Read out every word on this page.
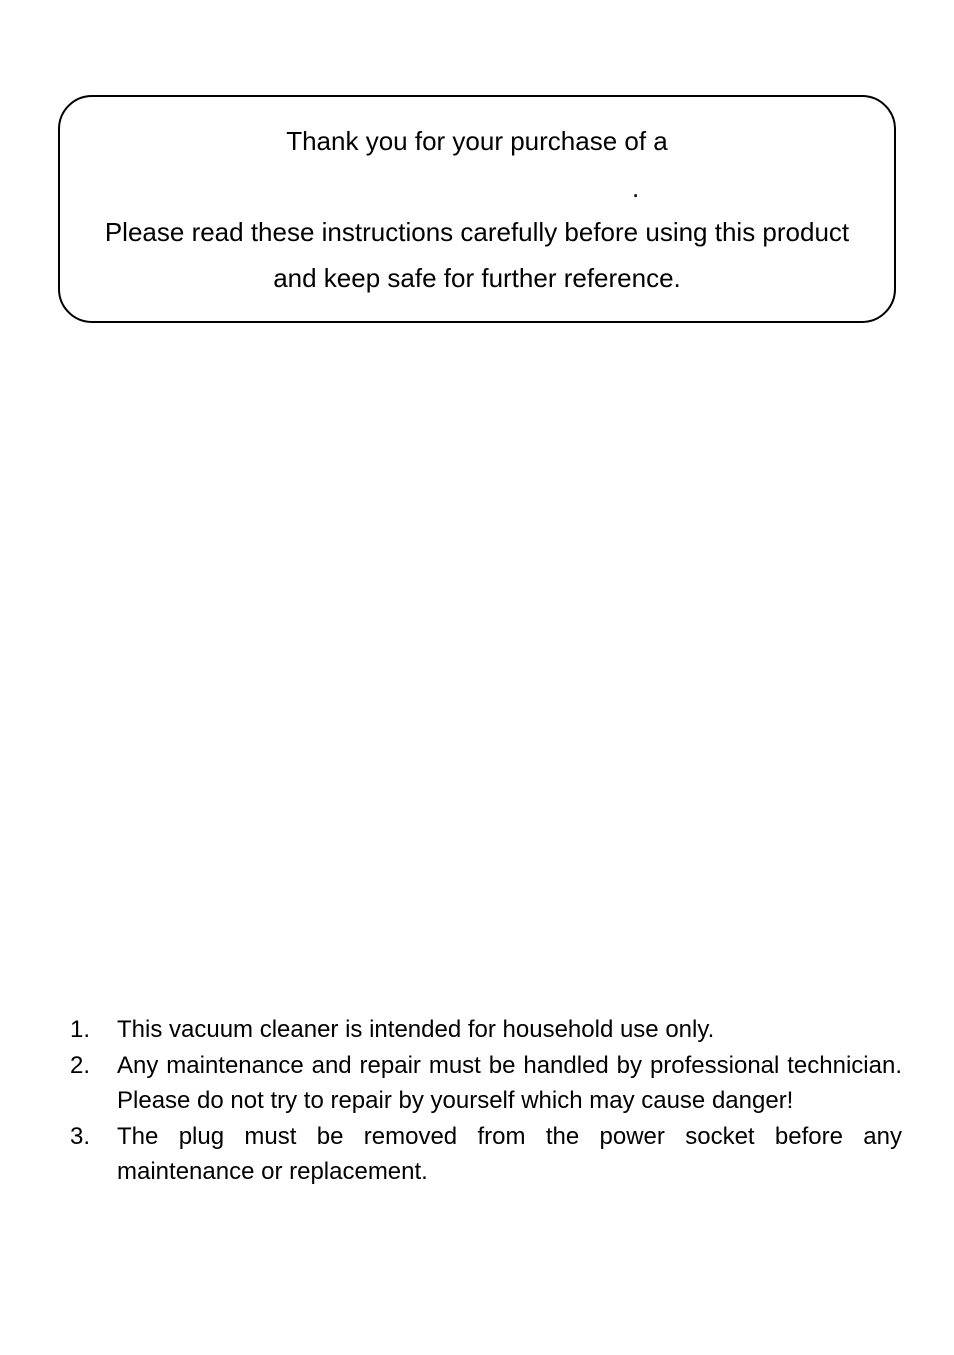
Thank you for your purchase of a
.
Please read these instructions carefully before using this product
and keep safe for further reference.
1. This vacuum cleaner is intended for household use only.
2. Any maintenance and repair must be handled by professional technician. Please do not try to repair by yourself which may cause danger!
3. The plug must be removed from the power socket before any maintenance or replacement.
